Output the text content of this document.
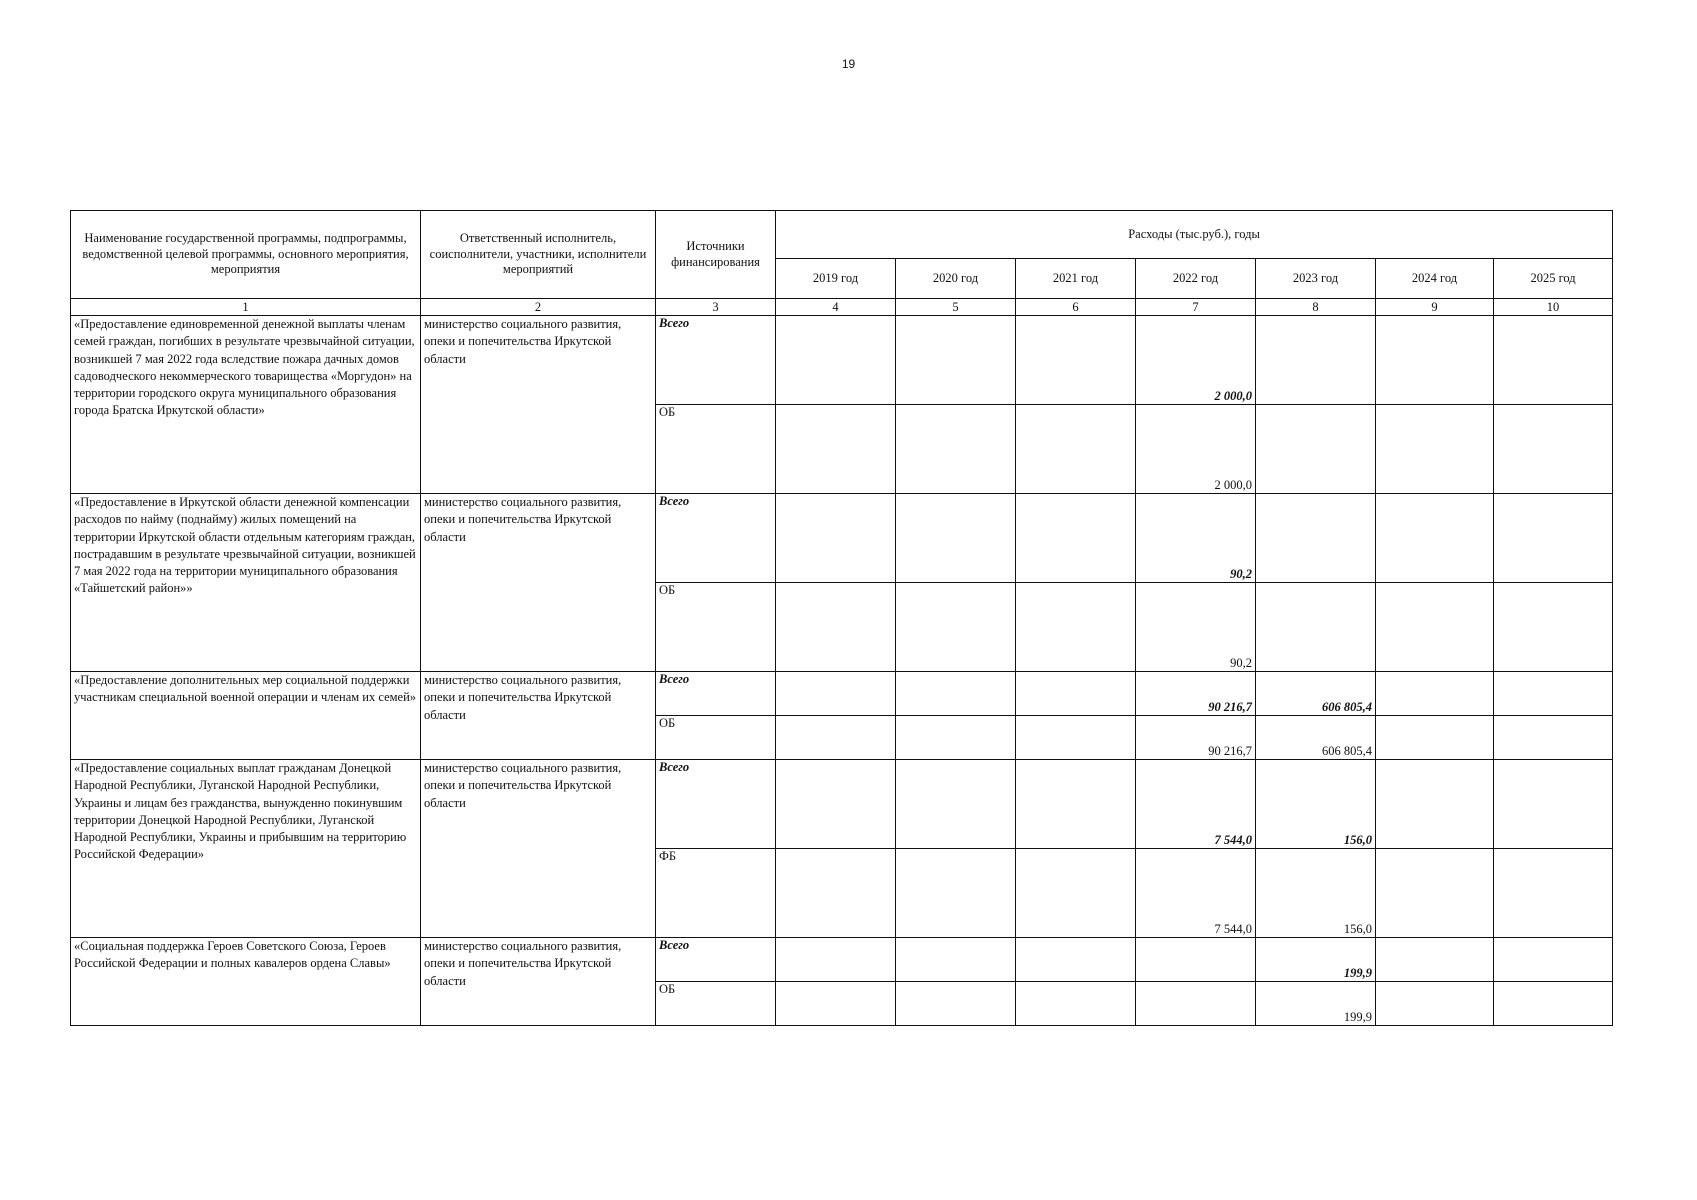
19
Наименование государственной программы, подпрограммы, ведомственной целевой программы, основного мероприятия, мероприятия	Ответственный исполнитель, соисполнители, участники, исполнители мероприятий	Источники финансирования	Расходы (тыс.руб.), годы						
			2019 год	2020 год	2021 год	2022 год	2023 год	2024 год	2025 год
1	2	3	4	5	6	7	8	9	10
«Предоставление единовременной денежной выплаты членам семей граждан, погибших в результате чрезвычайной ситуации, возникшей 7 мая 2022 года вследствие пожара дачных домов садоводческого некоммерческого товарищества «Моргудон» на территории городского округа муниципального образования города Братска Иркутской области»	министерство социального развития, опеки и попечительства Иркутской области	Всего				2 000,0			
		ОБ				2 000,0			
«Предоставление в Иркутской области денежной компенсации расходов по найму (поднайму) жилых помещений на территории Иркутской области отдельным категориям граждан, пострадавшим в результате чрезвычайной ситуации, возникшей 7 мая 2022 года на территории муниципального образования «Тайшетский район»»	министерство социального развития, опеки и попечительства Иркутской области	Всего				90,2			
		ОБ				90,2			
«Предоставление дополнительных мер социальной поддержки участникам специальной военной операции и членам их семей»	министерство социального развития, опеки и попечительства Иркутской области	Всего				90 216,7	606 805,4		
		ОБ				90 216,7	606 805,4		
«Предоставление социальных выплат гражданам Донецкой Народной Республики, Луганской Народной Республики, Украины и лицам без гражданства, вынужденно покинувшим территории Донецкой Народной Республики, Луганской Народной Республики, Украины и прибывшим на территорию Российской Федерации»	министерство социального развития, опеки и попечительства Иркутской области	Всего				7 544,0	156,0		
		ФБ				7 544,0	156,0		
«Социальная поддержка Героев Советского Союза, Героев Российской Федерации и полных кавалеров ордена Славы»	министерство социального развития, опеки и попечительства Иркутской области	Всего					199,9		
		ОБ					199,9		
